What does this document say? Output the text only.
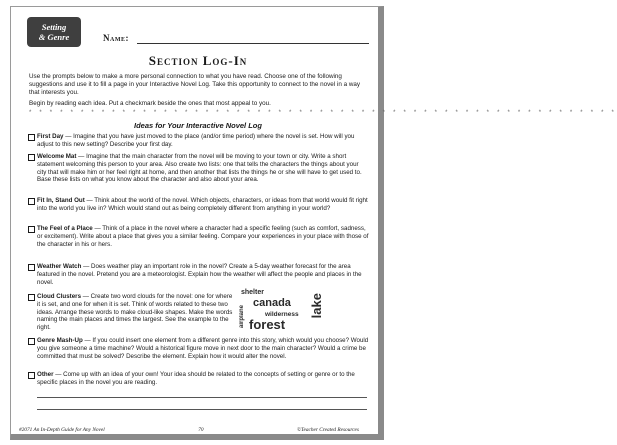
Setting
& Genre	Name:
Section Log-In

Use the prompts below to make a more personal connection to what you have read. Choose one of the following suggestions and use it to fill a page in your Interactive Novel Log. Take this opportunity to connect to the novel in a way that interests you.

Begin by reading each idea. Put a checkmark beside the ones that most appeal to you.

* * * * * * * * * * * * * * * * * * * * * * * * * * * * * * * * * * * * * * * * * * * * * * * * * * * * * * * * *
Ideas for Your Interactive Novel Log
First Day — Imagine that you have just moved to the place (and/or time period) where the novel is set. How will you adjust to this new setting? Describe your first day.
Welcome Mat — Imagine that the main character from the novel will be moving to your town or city. Write a short statement welcoming this person to your area. Also create two lists: one that tells the characters the things about your city that will make him or her feel right at home, and then another that lists the things he or she will have to get used to. Base these lists on what you know about the character and also about your area.
Fit In, Stand Out — Think about the world of the novel. Which objects, characters, or ideas from that world would fit right into the world you live in? Which would stand out as being completely different from anything in your world?
The Feel of a Place — Think of a place in the novel where a character had a specific feeling (such as comfort, sadness, or excitement). Write about a place that gives you a similar feeling. Compare your experiences in your place with those of the character in his or hers.
Weather Watch — Does weather play an important role in the novel? Create a 5-day weather forecast for the area featured in the novel. Pretend you are a meteorologist. Explain how the weather will affect the people and places in the novel.
Cloud Clusters — Create two word clouds for the novel: one for where it is set, and one for when it is set. Think of words related to these two ideas. Arrange these words to make cloud-like shapes. Make the words naming the main places and times the largest. See the example to the right.
shelter
canada lake
airplane	wilderness
forest
Genre Mash-Up — If you could insert one element from a different genre into this story, which would you choose? Would you give someone a time machine? Would a historical figure move in next door to the main character? Would a crime be committed that must be solved? Describe the element. Explain how it would alter the novel.
Other — Come up with an idea of your own! Your idea should be related to the concepts of setting or genre or to the specific places in the novel you are reading.
#2071 An In-Depth Guide for Any Novel	70	©Teacher Created Resources
